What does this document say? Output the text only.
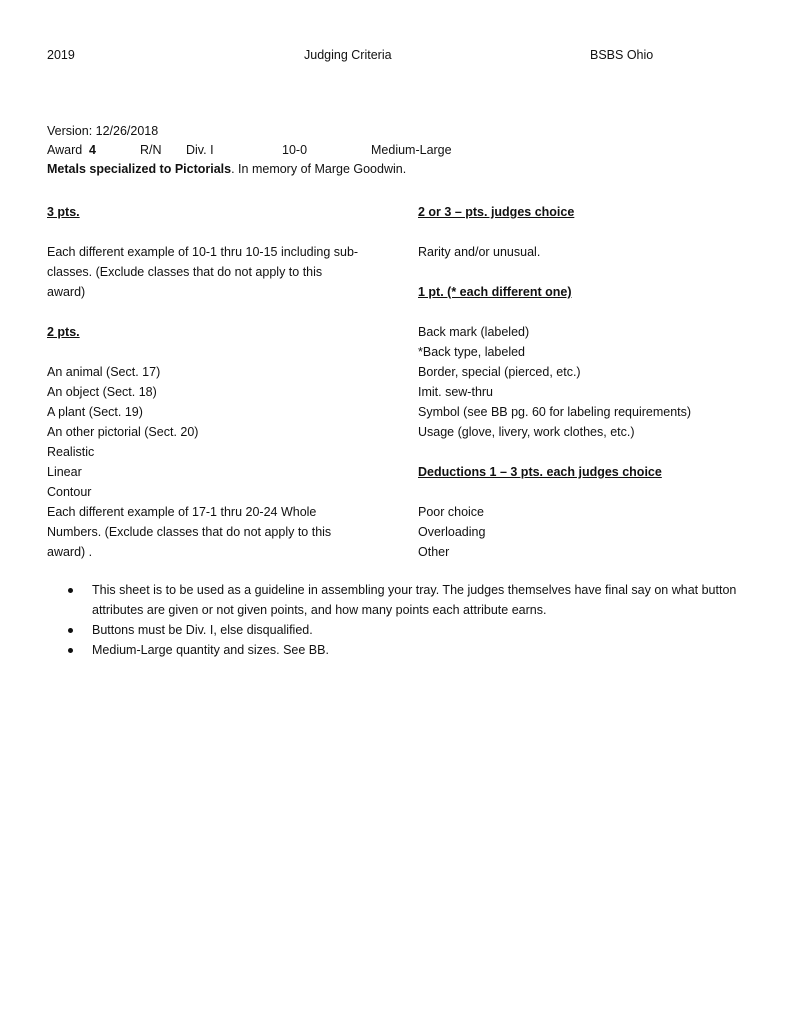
2019	Judging Criteria	BSBS Ohio
Version: 12/26/2018
Award 4	R/N Div. I	10-0	Medium-Large
Metals specialized to Pictorials. In memory of Marge Goodwin.
3 pts.
Each different example of 10-1 thru 10-15 including sub-classes. (Exclude classes that do not apply to this award)
2 pts.
An animal (Sect. 17)
An object (Sect. 18)
A plant (Sect. 19)
An other pictorial (Sect. 20)
Realistic
Linear
Contour
Each different example of 17-1 thru 20-24 Whole Numbers. (Exclude classes that do not apply to this award) .
2 or 3 – pts. judges choice
Rarity and/or unusual.
1 pt. (* each different one)
Back mark (labeled)
*Back type, labeled
Border, special (pierced, etc.)
Imit. sew-thru
Symbol (see BB pg. 60 for labeling requirements)
Usage (glove, livery, work clothes, etc.)
Deductions 1 – 3 pts. each judges choice
Poor choice
Overloading
Other
This sheet is to be used as a guideline in assembling your tray. The judges themselves have final say on what button attributes are given or not given points, and how many points each attribute earns.
Buttons must be Div. I, else disqualified.
Medium-Large quantity and sizes. See BB.
